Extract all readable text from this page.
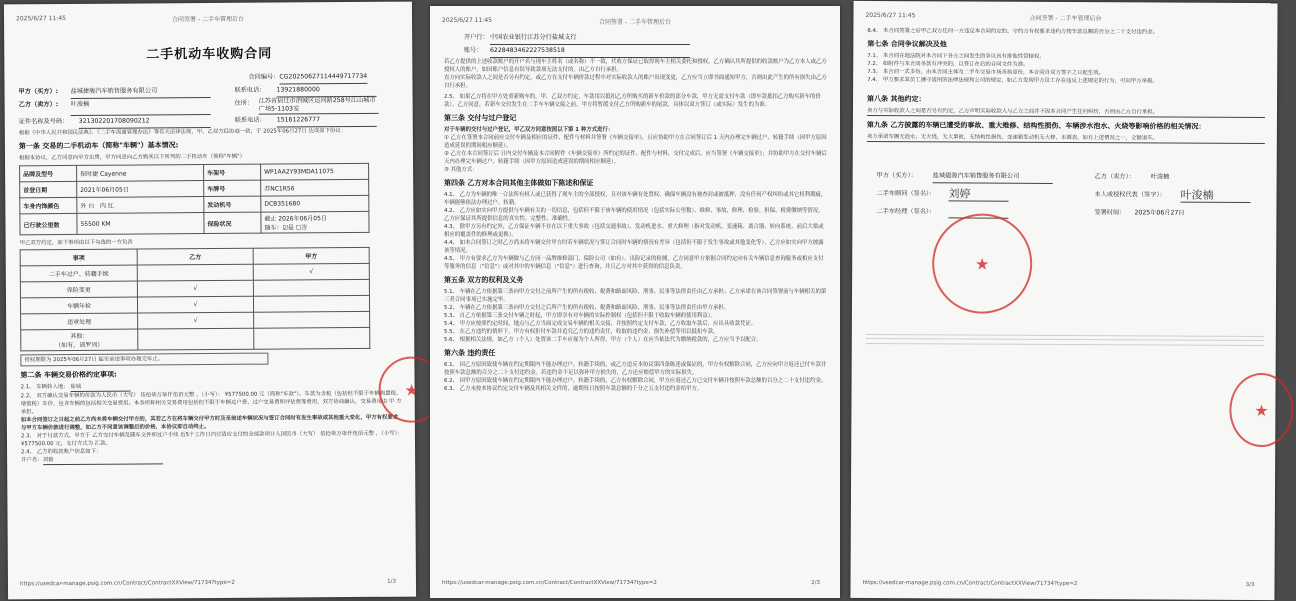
2025/6/27 11:45	合同签署 - 二手车管理后台
二手机动车收购合同
合同编号： CG20250627114449717734
甲方（买方）:	盐城捷骏汽车销售服务有限公司	联系电话：	13921880000
乙方（卖方）:	叶浚楠	住所： 江苏省宿迁市泗城区运河路258号江山城市广场5-1103室
证件名称及号码：	321302201708090212	联系电话：	15161226777
根据《中华人民共和国民法典》、《二手车流通管理办法》等有关法律法规，甲、乙双方经协商一致，于 2025年06月27日 达成如下协议：
第一条 交易的二手机动车（简称"车辆"）基本情况:
根据本协议，乙方同意向甲方出售，甲方同意向乙方购买以下所列的二手机动车（简称"车辆"）
品牌及型号	保时捷 Cayenne	车架号	WP1AA2Y93MDA11075
首登日期	2021年06月05日	车牌号	苏NC1R56
车身内饰颜色	外 白 内 红	发动机号	DCB351680
已行驶公里数	55500 KM	保险状况	截止 2026年06月05日
随车：☑是 ☐否
甲乙双方约定，如下事项由以下勾选的一方负责
事项	乙方	甲方
二手车过户、转籍手续		√
保险变更	√	
车辆年检	√	
违章处理	√	
其他：
（如有，请罗列）		
授权期限为 2025年06月27日 起至前述事项办理完毕止。
第二条 车辆交易价格约定事项:
2.1、 车辆转入地： 盐城
2.2、 双方确认交易车辆的价款为人民币（大写） 伍拾柒万柒仟伍佰元整 ，（小写）： ¥577500.00 元（简称"车款"）。车款为含税（包括但不限于车辆购置税、增值税）车价，包含车辆的包括相关交易费用。本条所称相关交易费用包括但不限于车辆过户费、过户交易费和评估费等费用，双方协商确认，交易费用由 甲 方承担。
如本合同签订之日起之前乙方尚未将车辆交付甲方的，其若乙方在将车辆交付甲方时及至前述车辆状况与签订合同时有发生事故或其他重大变化，甲方有权要求与甲方车辆价款进行调整，如乙方不同意该调整后的价格，本协议即自动终止。
2.3、 对于付款方式，甲方于 乙方交付车辆及随车文件和过户手续 后5个工作日内付清应支付的全部款项计入国民币（大写） 伍拾柒万柒仟伍佰元整 ，（小写）： ¥577500.00 元，支付方式为 汇款。
2.4、 乙方的收款账户信息如下：
开户名：刘毅
★
https://usedcar-manage.psig.com.cn/Contract/ContractXXView/71734?type=2	1/3
2025/6/27 11:45	合同签署 - 二手车管理后台
开户行： 中国农业银行江苏分行盐城支行
账号：	6228483462227538518
若乙方提供的上述收款账户的开户名与现车主姓名（或名称）不一致，代收方保证已取得现车主相关委托和授权。乙方确认其所提供的收款账户为乙方本人或乙方授权人的账户，如因账户信息有误导致款项无法支付的，由乙方自行承担。
直方向实际收款人之间是否另有约定，或乙方在支付车辆价款过程中对实际收款人的账户出现变更，乙方应当立即书面通知甲方，否则由此产生的所有损失由乙方自行承担。
2.5、 如果乙方将在甲方处重新购车的，甲、乙双方约定，车款用以抵扣乙方所购买的新车价款的部分车款，甲方无需支付车款（即车款抵扣乙方购买新车的价款）。乙方同意，若新车交付发生在二手车车辆交接之前，甲方将暂缓支付乙方所购新车的尾款，具体以双方签订（或实际）发生的为准。
第三条 交付与过户登记
对于车辆的交付与过户登记，甲乙双方同意按照以下第 1 种方式进行：
① 乙方在签署本合同前应交付车辆及相应的证件、配件与材料并签署《车辆交接单》，且应协助甲方在合同签订后 1 天内办理完车辆过户、转籍手续（因甲方原因造成延误的期间相应顺延）。
② 乙方在本合同签订后 日内交付车辆及本合同附件《车辆交接单》所约定的证件、配件与材料，交付完成后，应当签署《车辆交接单》；并协助甲方在交付车辆后 天内办理完车辆过户、转籍手续（因甲方原因造成延误的期间相应顺延）。
③ 其他方式：
第四条 乙方对本合同其他主体做如下陈述和保证
4.1、 乙方为车辆的唯一合法所有权人或已获得了现车主的全部授权，且对该车辆有处置权，确保车辆没有被查封或被抵押，没有任何产权纠纷或其它权利瑕疵，车辆能够依法办理过户、转籍。
4.2、 乙方应如实向甲方提供与车辆有关的一切信息，包括但不限于该车辆的使用情况（包括实际公里数）、维修、事故、修理、检验、担保、税费缴纳等情况。乙方应保证其所提供信息的真实性、完整性、准确性。
4.3、 除甲方另有约定外，乙方保证车辆不存在以下重大事故（包括交通事故）、发动机进水、重大修理（指对发动机、变速箱、离合器、转向系统、前后大梁或相应的覆盖件的修理或更换）。
4.4、 如本合同签订之时乙方尚未将车辆交付甲方时若车辆状况与签订合同时车辆的情况有差异（包括但不限于发生事故或其他变化等），乙方应如实向甲方披露该等情况。
4.5、 甲方有要求乙方为车辆做与乙方同一品牌维修部门、保险公司（如有）、出险记录的检测，乙方同意甲方依据合同约定向有关车辆信息查询服务或相应支付等服务的信息（"信息"）或对其中的车辆信息（"信息"）进行查询，并且乙方对其中获得的信息负责。
第五条 双方的权利及义务
5.1、 车辆在乙方依据第三条向甲方交付之前所产生的所有税收、税费和路面风险、刑事、民事等法律责任由乙方承担；乙方承诺在该合同签署前与车辆相关的第三者合同事项已实施完毕。
5.2、 车辆在乙方依据第三条向甲方交付之后所产生的所有税收、税费和路面风险、刑事、民事等法律责任由甲方承担。
5.3、 自乙方依据第三条交付车辆之时起，甲方即享有对车辆的实际控制权（包括但不限于收取车辆的使用利益）。
5.4、 甲方应按照约定时间，地点与乙方当面完成交易车辆的相关交接，并按照约定支付车款，乙方收取车款后，应出具收款凭证。
5.5、 在乙方违约的情形下，甲方有权拒付车款并追究乙方的违约责任，收取的违约金、损失补偿等用以抵扣车款。
5.6、 根据相关法规，如乙方（个人）处置该二手车应视为个人所得，甲方（个人）在应当依法代为缴纳税款的，乙方应当予以配合。
第六条 违约责任
6.1、 因乙方原因致使车辆在约定期限内不能办理过户、转籍手续的，或乙方违反本协议第四条陈述或保证的，甲方有权解除合同，乙方应向甲方返还已付车款并按照车款总额的百分之二十支付违约金。若违约金不足以弥补甲方损失的，乙方还应赔偿甲方的实际损失。
6.2、 因甲方原因致使车辆在约定期限内不能办理过户、转籍手续的，乙方有权解除合同，甲方应返还乙方已交付车辆并按照车款总额的百分之二十支付违约金。
6.3、 乙方未按本协议约定交付车辆及其相关文件的，逾期每日按照车款总额的千分之五支付违约金给甲方。
https://usedcar-manage.psig.com.cn/Contract/ContractXXView/71734?type=2	2/3
2025/6/27 11:45	合同签署 - 二手车管理后台
6.4、 本合同签署之后甲乙双方任何一方违反本合同约定的，守约方有权要求违约方按车款总额的百分之二十支付违约金。
第七条 合同争议解决及他
7.1、 本合同在地法院对本合同下各方之间发生的争议具有排他性管辖权。
7.2、 如附件与本合同条款有冲突的，以签订在后的合同文件为准。
7.3、 本合同一式多份，由本合同主体及二手车交易市场各执壹份，本合同自双方签字之日起生效。
7.4、 甲方要求其员工遵守适用的法律法规和公司的规定，如乙方发现甲方员工存在违反上述规定的行为，可向甲方举报。
第八条 其他约定：
卖方与实际收款人之间是否另有约定，乙方声明实际收款人与乙方之间并不因本合同产生任何纠纷，否则由乙方自行承担。
第九条 乙方披露的车辆已遭受的事故、重大维修、结构性损伤、车辆涉水泡水、火烧等影响价格的相关情况：
卖方承诺车辆无泡水，无火烧，无大事故，无结构性损伤，变速箱发动机无大修，未调表，如有上述情况之一，全额退车。
甲方（买方）：	盐城捷骏汽车销售服务有限公司	乙方（卖方）：	叶浚楠
二手车顾问（签名）：	刘婷	本人或授权代表（签字）：	叶浚楠
二手车经理（签名）：	签署时间：	2025年06月27日
★
★
https://usedcar-manage.psig.com.cn/Contract/ContractXXView/71734?type=2	3/3
